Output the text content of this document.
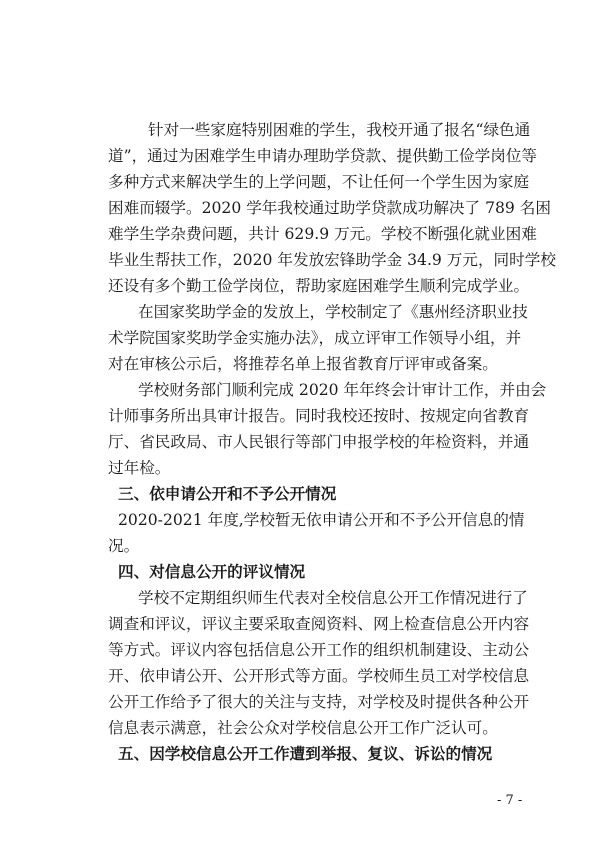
针对一些家庭特别困难的学生，我校开通了报名“绿色通
道”，通过为困难学生申请办理助学贷款、提供勤工俭学岗位等
多种方式来解决学生的上学问题，不让任何一个学生因为家庭
困难而辍学。2020 学年我校通过助学贷款成功解决了 789 名困
难学生学杂费问题，共计 629.9 万元。学校不断强化就业困难
毕业生帮扶工作，2020 年发放宏锋助学金 34.9 万元，同时学校
还设有多个勤工俭学岗位，帮助家庭困难学生顺利完成学业。
在国家奖助学金的发放上，学校制定了《惠州经济职业技
术学院国家奖助学金实施办法》，成立评审工作领导小组，并
对在审核公示后，将推荐名单上报省教育厅评审或备案。
学校财务部门顺利完成 2020 年年终会计审计工作，并由会
计师事务所出具审计报告。同时我校还按时、按规定向省教育
厅、省民政局、市人民银行等部门申报学校的年检资料，并通
过年检。
三、依申请公开和不予公开情况
2020-2021 年度,学校暂无依申请公开和不予公开信息的情
况。
四、对信息公开的评议情况
学校不定期组织师生代表对全校信息公开工作情况进行了
调查和评议，评议主要采取查阅资料、网上检查信息公开内容
等方式。评议内容包括信息公开工作的组织机制建设、主动公
开、依申请公开、公开形式等方面。学校师生员工对学校信息
公开工作给予了很大的关注与支持，对学校及时提供各种公开
信息表示满意，社会公众对学校信息公开工作广泛认可。
五、因学校信息公开工作遭到举报、复议、诉讼的情况
- 7 -
